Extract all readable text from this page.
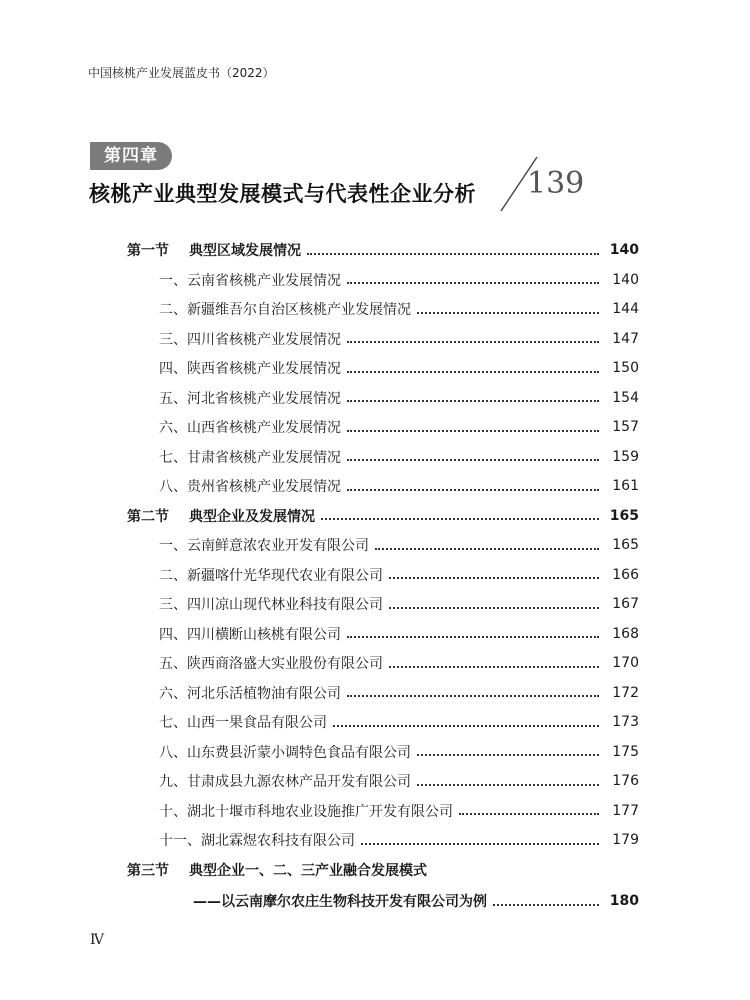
中国核桃产业发展蓝皮书（2022）
第四章
核桃产业典型发展模式与代表性企业分析 139
第一节	典型区域发展情况	140
一、云南省核桃产业发展情况	140
二、新疆维吾尔自治区核桃产业发展情况	144
三、四川省核桃产业发展情况	147
四、陕西省核桃产业发展情况	150
五、河北省核桃产业发展情况	154
六、山西省核桃产业发展情况	157
七、甘肃省核桃产业发展情况	159
八、贵州省核桃产业发展情况	161
第二节	典型企业及发展情况	165
一、云南鲜意浓农业开发有限公司	165
二、新疆喀什光华现代农业有限公司	166
三、四川凉山现代林业科技有限公司	167
四、四川横断山核桃有限公司	168
五、陕西商洛盛大实业股份有限公司	170
六、河北乐活植物油有限公司	172
七、山西一果食品有限公司	173
八、山东费县沂蒙小调特色食品有限公司	175
九、甘肃成县九源农林产品开发有限公司	176
十、湖北十堰市科地农业设施推广开发有限公司	177
十一、湖北霖煜农科技有限公司	179
第三节	典型企业一、二、三产业融合发展模式
——以云南摩尔农庄生物科技开发有限公司为例	180
Ⅳ
